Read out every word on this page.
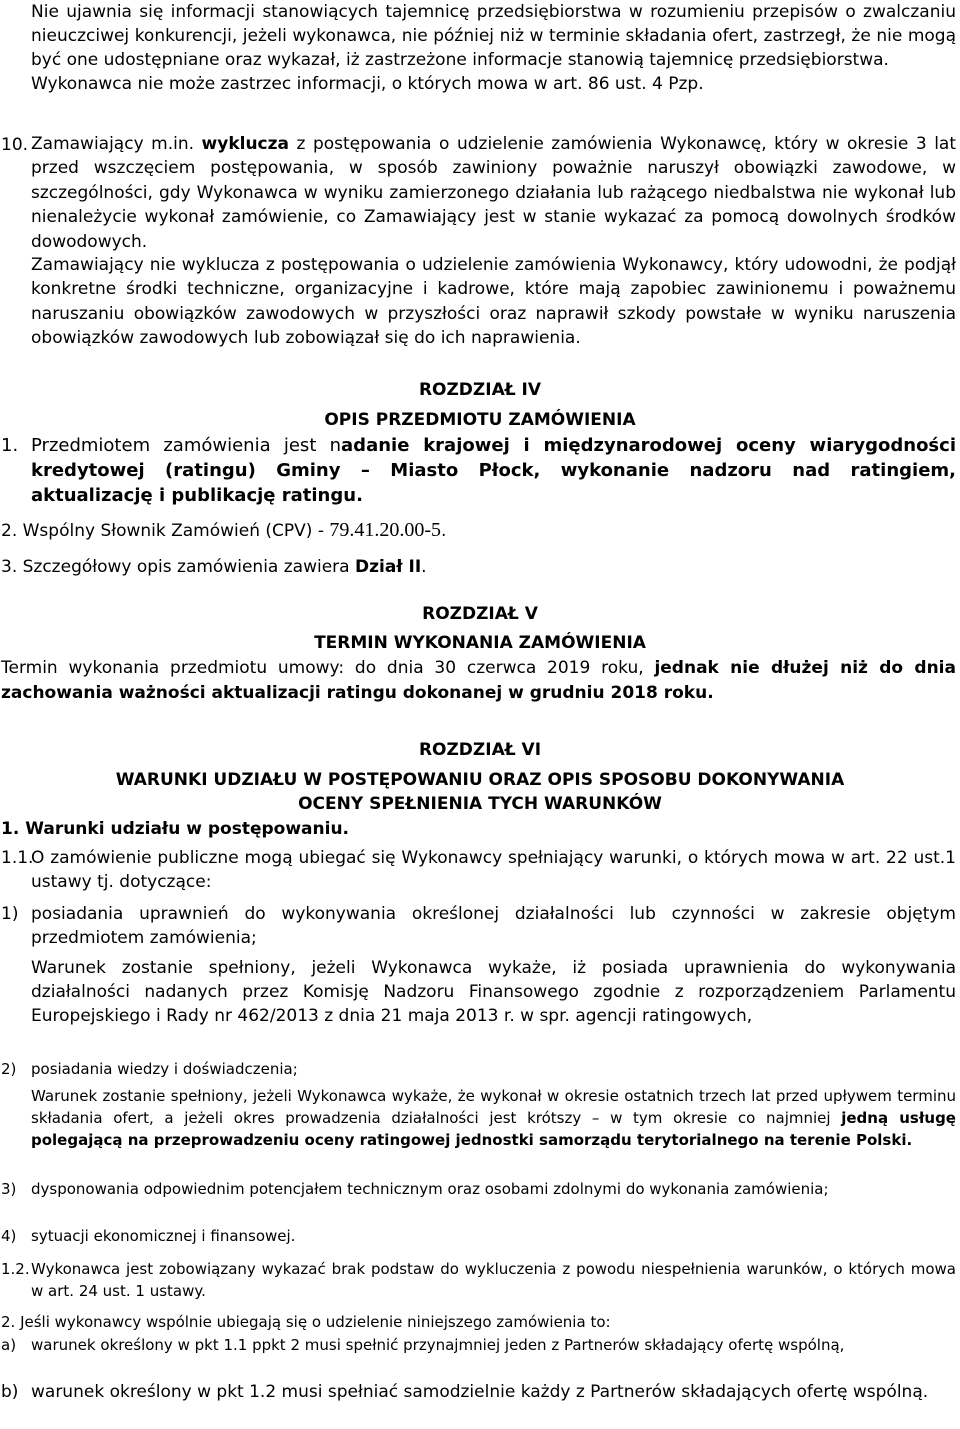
Nie ujawnia się informacji stanowiących tajemnicę przedsiębiorstwa w rozumieniu przepisów o zwalczaniu nieuczciwej konkurencji, jeżeli wykonawca, nie później niż w terminie składania ofert, zastrzegł, że nie mogą być one udostępniane oraz wykazał, iż zastrzeżone informacje stanowią tajemnicę przedsiębiorstwa.

Wykonawca nie może zastrzec informacji, o których mowa w art. 86 ust. 4 Pzp.

10. Zamawiający m.in. wyklucza z postępowania o udzielenie zamówienia Wykonawcę, który w okresie 3 lat przed wszczęciem postępowania, w sposób zawiniony poważnie naruszył obowiązki zawodowe, w szczególności, gdy Wykonawca w wyniku zamierzonego działania lub rażącego niedbalstwa nie wykonał lub nienależycie wykonał zamówienie, co Zamawiający jest w stanie wykazać za pomocą dowolnych środków dowodowych.

Zamawiający nie wyklucza z postępowania o udzielenie zamówienia Wykonawcy, który udowodni, że podjął konkretne środki techniczne, organizacyjne i kadrowe, które mają zapobiec zawinionemu i poważnemu naruszaniu obowiązków zawodowych w przyszłości oraz naprawił szkody powstałe w wyniku naruszenia obowiązków zawodowych lub zobowiązał się do ich naprawienia.

ROZDZIAŁ IV

OPIS PRZEDMIOTU ZAMÓWIENIA

1. Przedmiotem zamówienia jest nadanie krajowej i międzynarodowej oceny wiarygodności kredytowej (ratingu) Gminy – Miasto Płock, wykonanie nadzoru nad ratingiem, aktualizację i publikację ratingu.

2. Wspólny Słownik Zamówień (CPV) - 79.41.20.00-5.

3. Szczegółowy opis zamówienia zawiera Dział II.

ROZDZIAŁ V

TERMIN WYKONANIA ZAMÓWIENIA

Termin wykonania przedmiotu umowy: do dnia 30 czerwca 2019 roku, jednak nie dłużej niż do dnia zachowania ważności aktualizacji ratingu dokonanej w grudniu 2018 roku.

ROZDZIAŁ VI

WARUNKI UDZIAŁU W POSTĘPOWANIU ORAZ OPIS SPOSOBU DOKONYWANIA

OCENY SPEŁNIENIA TYCH WARUNKÓW

1. Warunki udziału w postępowaniu.

1.1.

O zamówienie publiczne mogą ubiegać się Wykonawcy spełniający warunki, o których mowa w art. 22 ust.1 ustawy tj. dotyczące:

1) posiadania uprawnień do wykonywania określonej działalności lub czynności w zakresie objętym przedmiotem zamówienia;

Warunek zostanie spełniony, jeżeli Wykonawca wykaże, iż posiada uprawnienia do wykonywania działalności nadanych przez Komisję Nadzoru Finansowego zgodnie z rozporządzeniem Parlamentu Europejskiego i Rady nr 462/2013 z dnia 21 maja 2013 r. w spr. agencji ratingowych,

2) posiadania wiedzy i doświadczenia;

Warunek zostanie spełniony, jeżeli Wykonawca wykaże, że wykonał w okresie ostatnich trzech lat przed upływem terminu składania ofert, a jeżeli okres prowadzenia działalności jest krótszy – w tym okresie co najmniej jedną usługę polegającą na przeprowadzeniu oceny ratingowej jednostki samorządu terytorialnego na terenie Polski.

3) dysponowania odpowiednim potencjałem technicznym oraz osobami zdolnymi do wykonania zamówienia;

4) sytuacji ekonomicznej i finansowej.

1.2. Wykonawca jest zobowiązany wykazać brak podstaw do wykluczenia z powodu niespełnienia warunków, o których mowa w art. 24 ust. 1 ustawy.

2. Jeśli wykonawcy wspólnie ubiegają się o udzielenie niniejszego zamówienia to:

a) warunek określony w pkt 1.1 ppkt 2 musi spełnić przynajmniej jeden z Partnerów składający ofertę wspólną,

b) warunek określony w pkt 1.2 musi spełniać samodzielnie każdy z Partnerów składających ofertę wspólną.
